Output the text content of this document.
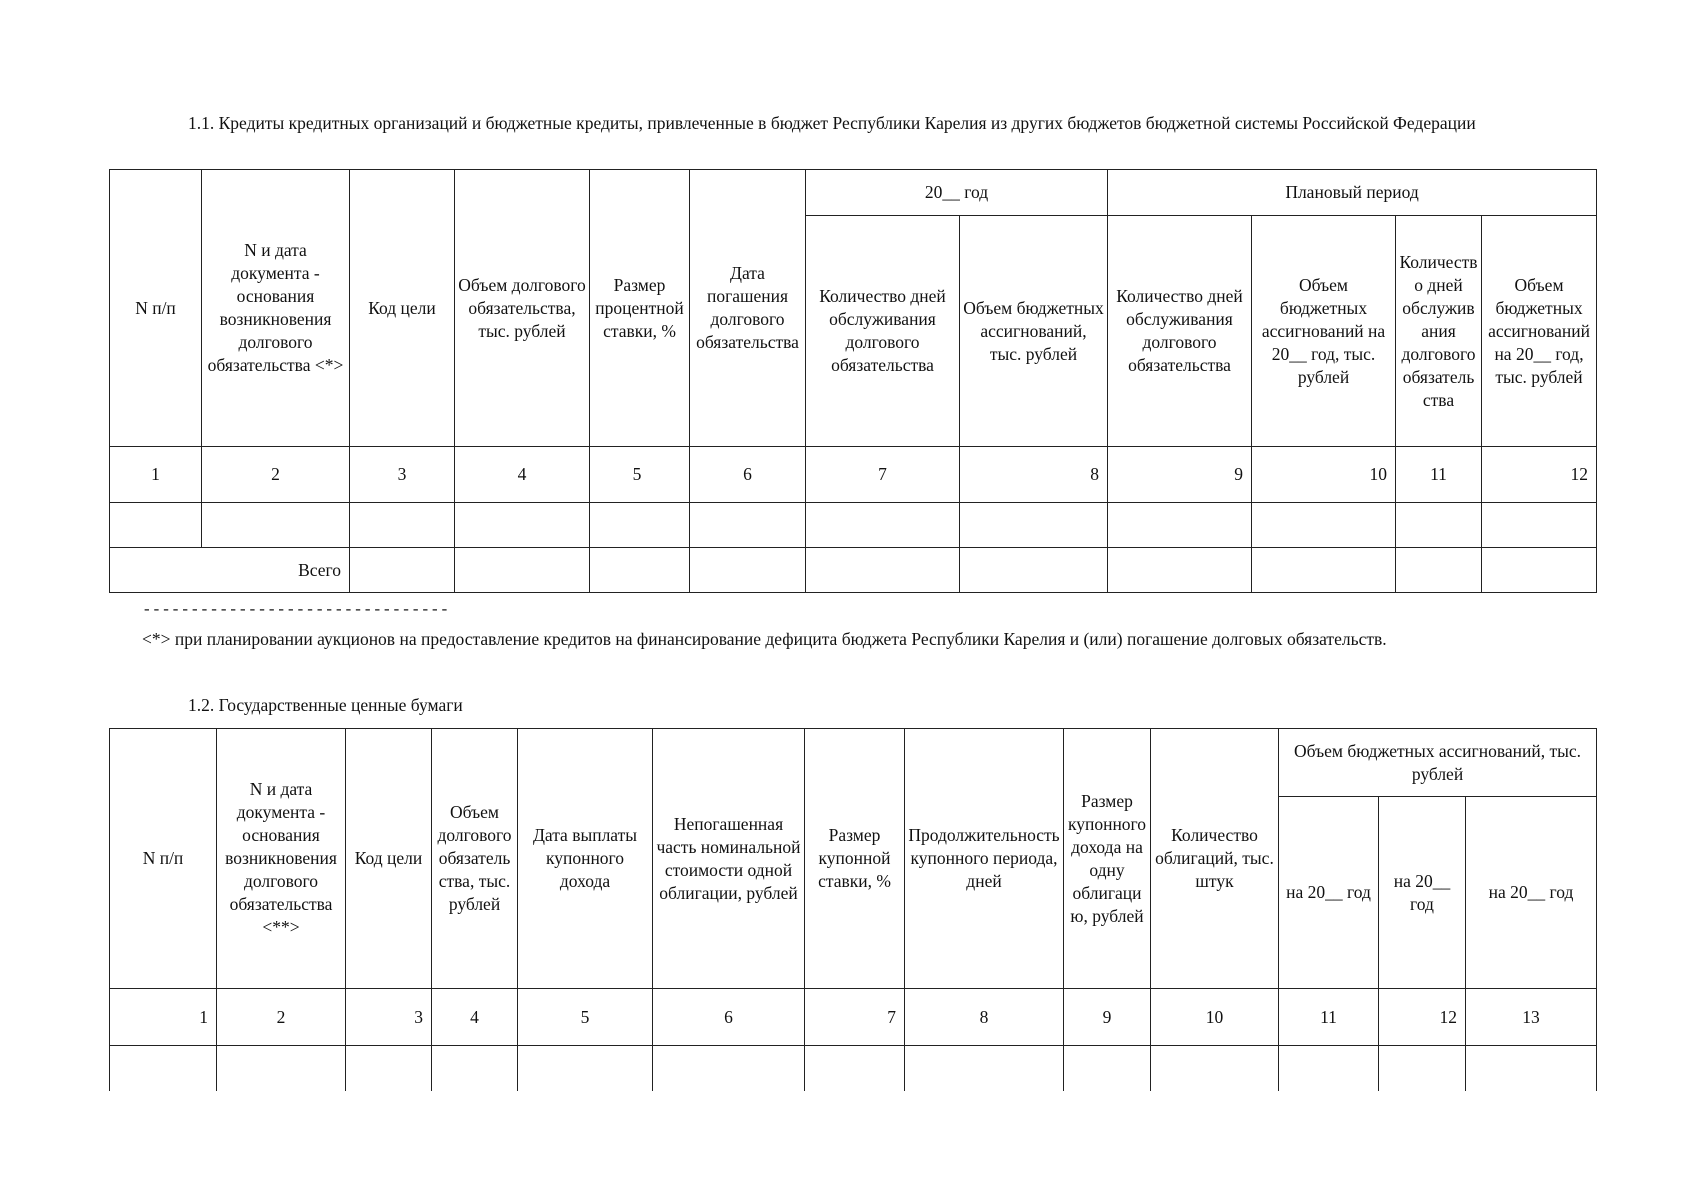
1.1. Кредиты кредитных организаций и бюджетные кредиты, привлеченные в бюджет Республики Карелия из других бюджетов бюджетной системы Российской Федерации
N п/п	N и дата документа - основания возникновения долгового обязательства <*>	Код цели	Объем долгового обязательства, тыс. рублей	Размер процентной ставки, %	Дата погашения долгового обязательства	20__ год		Плановый период			
						Количество дней обслуживания долгового обязательства	Объем бюджетных ассигнований, тыс. рублей	Количество дней обслуживания долгового обязательства	Объем бюджетных ассигнований на 20__ год, тыс. рублей	Количество дней обслуживания долгового обязательства	Объем бюджетных ассигнований на 20__ год, тыс. рублей
1	2	3	4	5	6	7	8	9	10	11	12

Всего											
--------------------------------
<*> при планировании аукционов на предоставление кредитов на финансирование дефицита бюджета Республики Карелия и (или) погашение долговых обязательств.
1.2. Государственные ценные бумаги
N п/п	N и дата документа - основания возникновения долгового обязательства <**>	Код цели	Объем долгового обязательства, тыс. рублей	Дата выплаты купонного дохода	Непогашенная часть номинальной стоимости одной облигации, рублей	Размер купонной ставки, %	Продолжительность купонного периода, дней	Размер купонного дохода на одну облигацию, рублей	Количество облигаций, тыс. штук	Объем бюджетных ассигнований, тыс. рублей		
										на 20__ год	на 20__ год	на 20__ год
1	2	3	4	5	6	7	8	9	10	11	12	13
